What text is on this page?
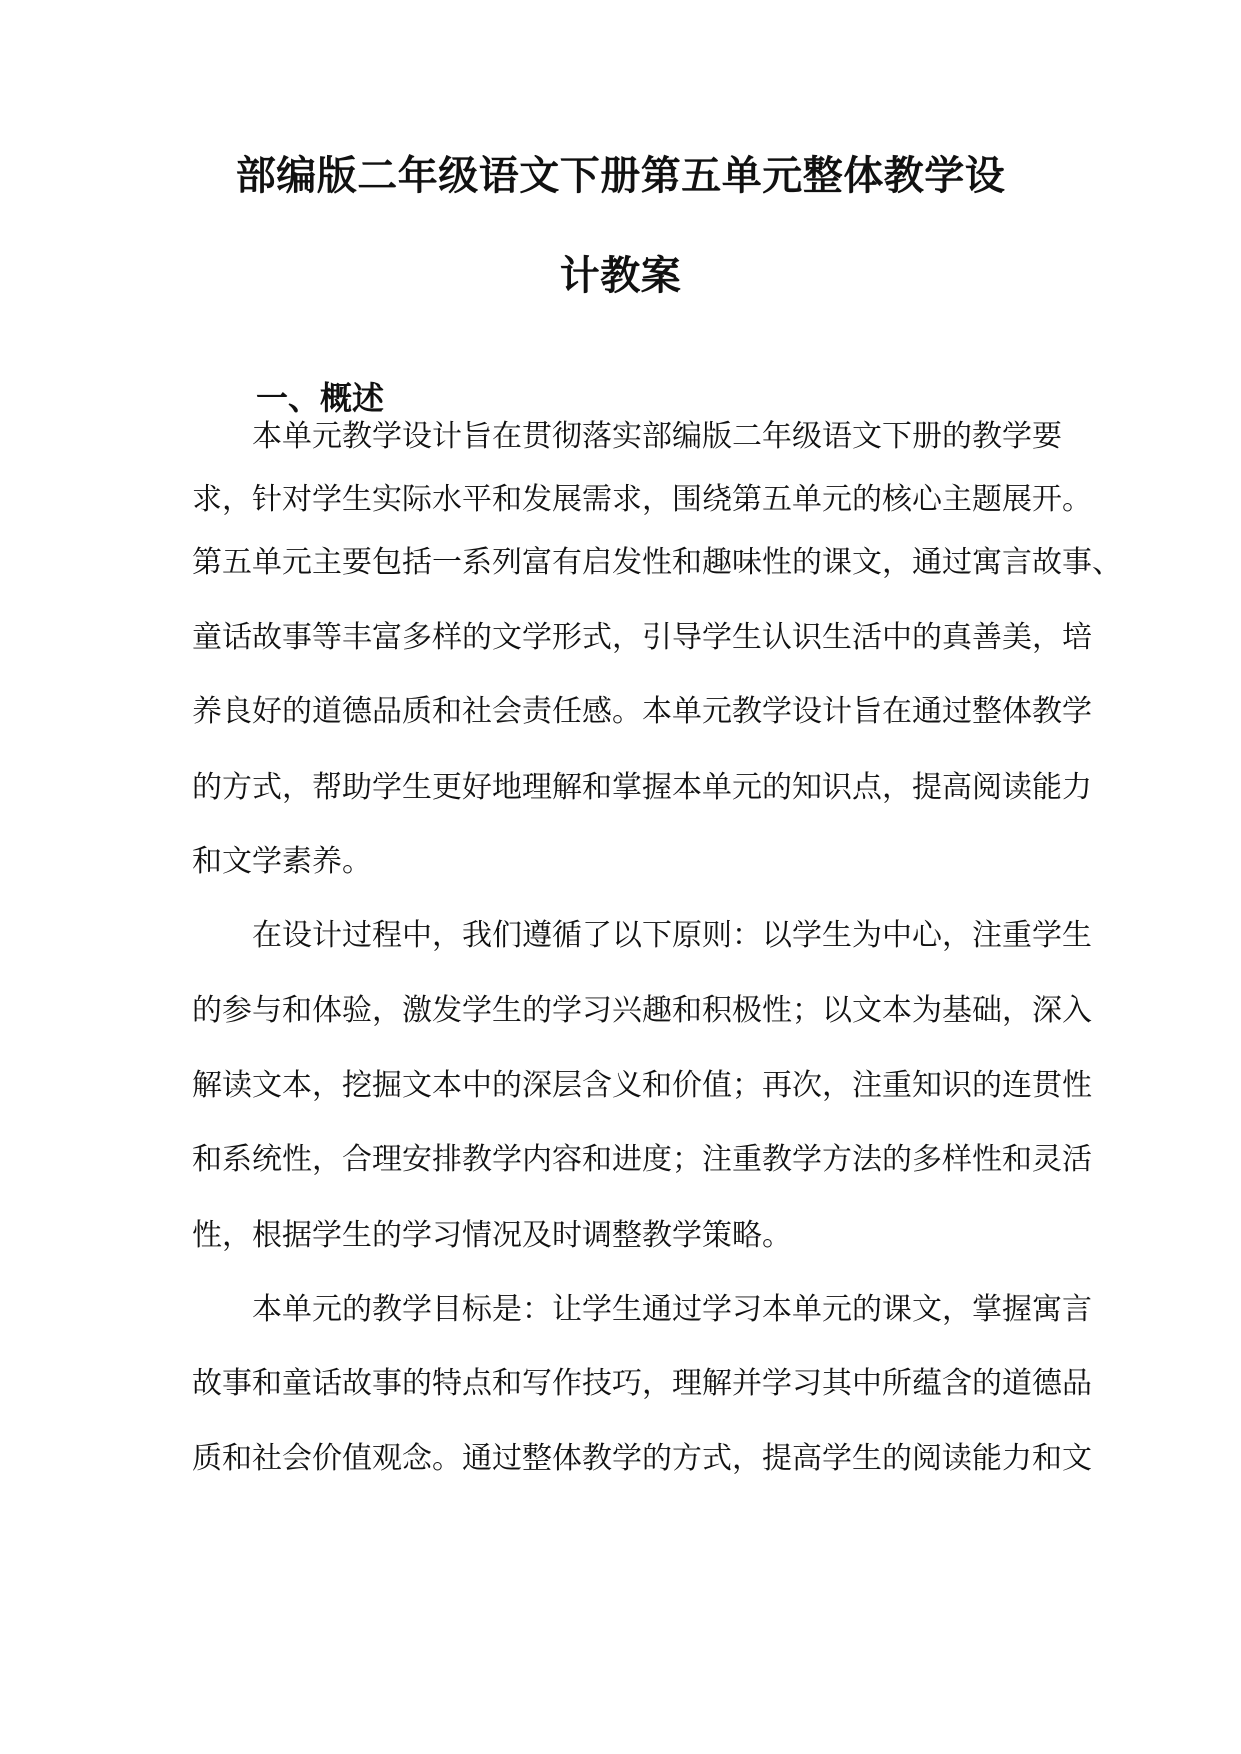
部编版二年级语文下册第五单元整体教学设
计教案
一、概述
本单元教学设计旨在贯彻落实部编版二年级语文下册的教学要
求，针对学生实际水平和发展需求，围绕第五单元的核心主题展开。
第五单元主要包括一系列富有启发性和趣味性的课文，通过寓言故事、
童话故事等丰富多样的文学形式，引导学生认识生活中的真善美，培
养良好的道德品质和社会责任感。本单元教学设计旨在通过整体教学
的方式，帮助学生更好地理解和掌握本单元的知识点，提高阅读能力
和文学素养。
在设计过程中，我们遵循了以下原则：以学生为中心，注重学生
的参与和体验，激发学生的学习兴趣和积极性；以文本为基础，深入
解读文本，挖掘文本中的深层含义和价值；再次，注重知识的连贯性
和系统性，合理安排教学内容和进度；注重教学方法的多样性和灵活
性，根据学生的学习情况及时调整教学策略。
本单元的教学目标是：让学生通过学习本单元的课文，掌握寓言
故事和童话故事的特点和写作技巧，理解并学习其中所蕴含的道德品
质和社会价值观念。通过整体教学的方式，提高学生的阅读能力和文
